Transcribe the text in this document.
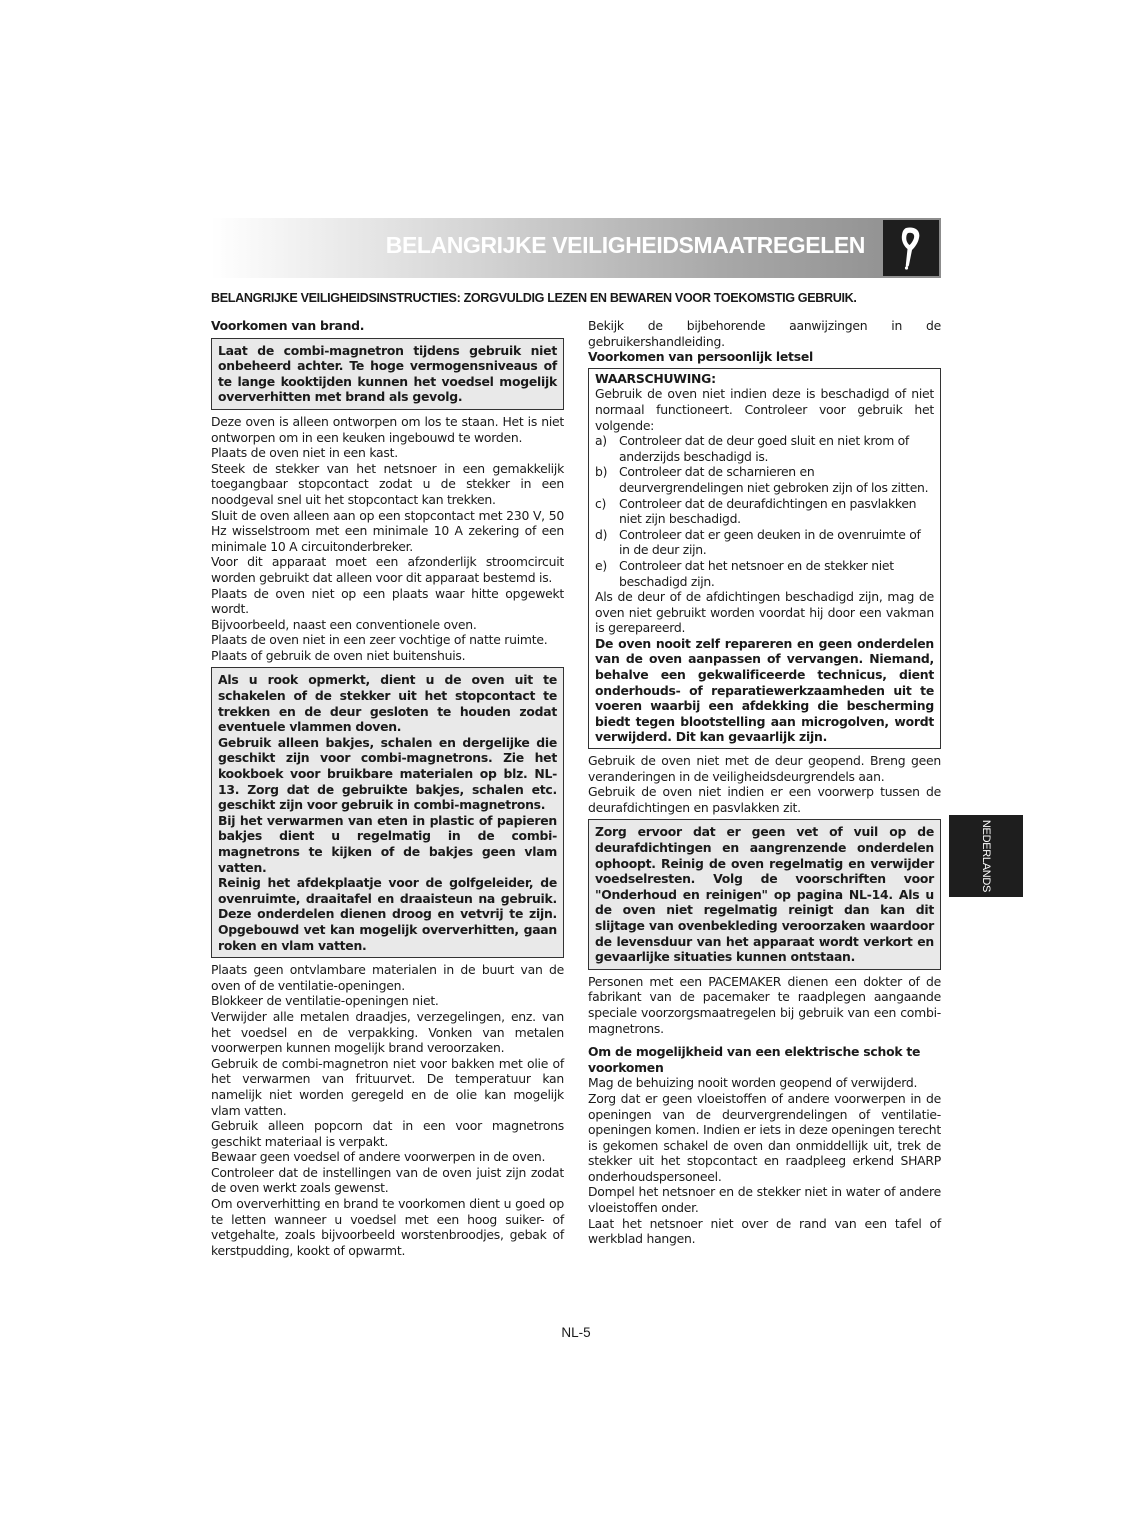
BELANGRIJKE VEILIGHEIDSMAATREGELEN
BELANGRIJKE VEILIGHEIDSINSTRUCTIES: ZORGVULDIG LEZEN EN BEWAREN VOOR TOEKOMSTIG GEBRUIK.
Voorkomen van brand.

Laat de combi-magnetron tijdens gebruik niet onbeheerd achter. Te hoge vermogensniveaus of te lange kooktijden kunnen het voedsel mogelijk oververhitten met brand als gevolg.

Deze oven is alleen ontworpen om los te staan. Het is niet ontworpen om in een keuken ingebouwd te worden.

Plaats de oven niet in een kast.

Steek de stekker van het netsnoer in een gemakkelijk toegangbaar stopcontact zodat u de stekker in een noodgeval snel uit het stopcontact kan trekken.

Sluit de oven alleen aan op een stopcontact met 230 V, 50 Hz wisselstroom met een minimale 10 A zekering of een minimale 10 A circuitonderbreker.

Voor dit apparaat moet een afzonderlijk stroomcircuit worden gebruikt dat alleen voor dit apparaat bestemd is.

Plaats de oven niet op een plaats waar hitte opgewekt wordt.

Bijvoorbeeld, naast een conventionele oven.

Plaats de oven niet in een zeer vochtige of natte ruimte.

Plaats of gebruik de oven niet buitenshuis.

Als u rook opmerkt, dient u de oven uit te schakelen of de stekker uit het stopcontact te trekken en de deur gesloten te houden zodat eventuele vlammen doven.

Gebruik alleen bakjes, schalen en dergelijke die geschikt zijn voor combi-magnetrons. Zie het kookboek voor bruikbare materialen op blz. NL-13. Zorg dat de gebruikte bakjes, schalen etc. geschikt zijn voor gebruik in combi-magnetrons.

Bij het verwarmen van eten in plastic of papieren bakjes dient u regelmatig in de combi-magnetrons te kijken of de bakjes geen vlam vatten.

Reinig het afdekplaatje voor de golfgeleider, de ovenruimte, draaitafel en draaisteun na gebruik. Deze onderdelen dienen droog en vetvrij te zijn. Opgebouwd vet kan mogelijk oververhitten, gaan roken en vlam vatten.

Plaats geen ontvlambare materialen in de buurt van de oven of de ventilatie-openingen.

Blokkeer de ventilatie-openingen niet.

Verwijder alle metalen draadjes, verzegelingen, enz. van het voedsel en de verpakking. Vonken van metalen voorwerpen kunnen mogelijk brand veroorzaken.

Gebruik de combi-magnetron niet voor bakken met olie of het verwarmen van frituurvet. De temperatuur kan namelijk niet worden geregeld en de olie kan mogelijk vlam vatten.

Gebruik alleen popcorn dat in een voor magnetrons geschikt materiaal is verpakt.

Bewaar geen voedsel of andere voorwerpen in de oven.

Controleer dat de instellingen van de oven juist zijn zodat de oven werkt zoals gewenst.

Om oververhitting en brand te voorkomen dient u goed op te letten wanneer u voedsel met een hoog suiker- of vetgehalte, zoals bijvoorbeeld worstenbroodjes, gebak of kerstpudding, kookt of opwarmt.

Bekijk de bijbehorende aanwijzingen in de gebruikershandleiding.

Voorkomen van persoonlijk letsel

WAARSCHUWING:

Gebruik de oven niet indien deze is beschadigd of niet normaal functioneert. Controleer voor gebruik het volgende:

a) Controleer dat de deur goed sluit en niet krom of anderzijds beschadigd is.
b) Controleer dat de scharnieren en deurvergrendelingen niet gebroken zijn of los zitten.
c) Controleer dat de deurafdichtingen en pasvlakken niet zijn beschadigd.
d) Controleer dat er geen deuken in de ovenruimte of in de deur zijn.
e) Controleer dat het netsnoer en de stekker niet beschadigd zijn.

Als de deur of de afdichtingen beschadigd zijn, mag de oven niet gebruikt worden voordat hij door een vakman is gerepareerd.

De oven nooit zelf repareren en geen onderdelen van de oven aanpassen of vervangen. Niemand, behalve een gekwalificeerde technicus, dient onderhouds- of reparatiewerkzaamheden uit te voeren waarbij een afdekking die bescherming biedt tegen blootstelling aan microgolven, wordt verwijderd. Dit kan gevaarlijk zijn.

Gebruik de oven niet met de deur geopend. Breng geen veranderingen in de veiligheidsdeurgrendels aan.

Gebruik de oven niet indien er een voorwerp tussen de deurafdichtingen en pasvlakken zit.

Zorg ervoor dat er geen vet of vuil op de deurafdichtingen en aangrenzende onderdelen ophoopt. Reinig de oven regelmatig en verwijder voedselresten. Volg de voorschriften voor "Onderhoud en reinigen" op pagina NL-14. Als u de oven niet regelmatig reinigt dan kan dit slijtage van ovenbekleding veroorzaken waardoor de levensduur van het apparaat wordt verkort en gevaarlijke situaties kunnen ontstaan.

Personen met een PACEMAKER dienen een dokter of de fabrikant van de pacemaker te raadplegen aangaande speciale voorzorgsmaatregelen bij gebruik van een combi-magnetrons.

Om de mogelijkheid van een elektrische schok te voorkomen

Mag de behuizing nooit worden geopend of verwijderd.

Zorg dat er geen vloeistoffen of andere voorwerpen in de openingen van de deurvergrendelingen of ventilatie-openingen komen. Indien er iets in deze openingen terecht is gekomen schakel de oven dan onmiddellijk uit, trek de stekker uit het stopcontact en raadpleeg erkend SHARP onderhoudspersoneel.

Dompel het netsnoer en de stekker niet in water of andere vloeistoffen onder.

Laat het netsnoer niet over de rand van een tafel of werkblad hangen.

NEDERLANDS
NL-5
